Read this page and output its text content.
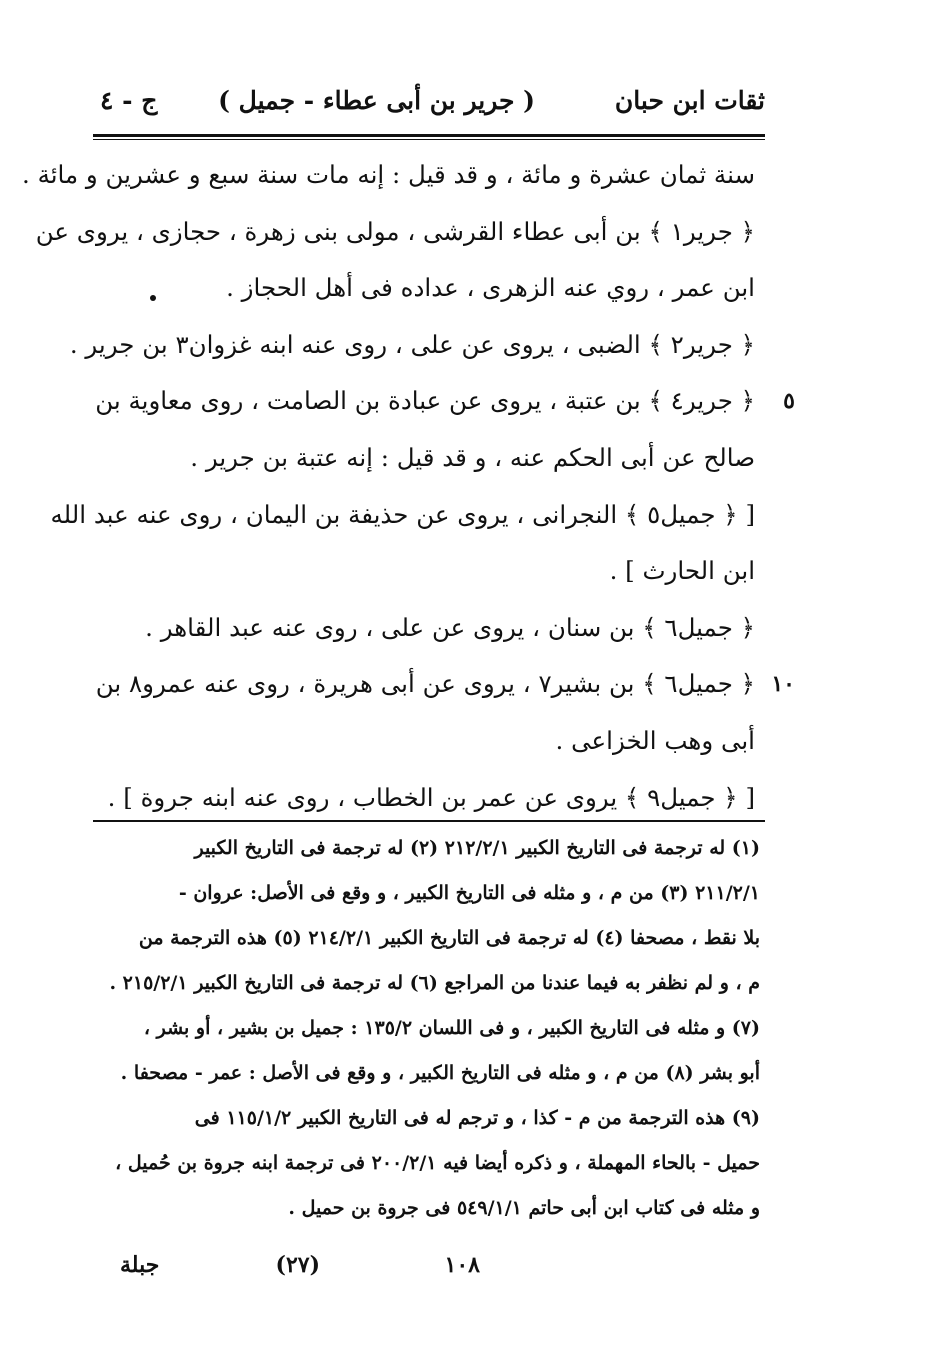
ثقات ابن حبان
( جرير بن أبى عطاء - جميل )
ج - ٤
سنة ثمان عشرة و مائة ، و قد قيل : إنه مات سنة سبع و عشرين و مائة .
﴿ جرير١ ﴾ بن أبى عطاء القرشى ، مولى بنى زهرة ، حجازى ، يروى عن
ابن عمر ، روي عنه الزهرى ، عداده فى أهل الحجاز .
﴿ جرير٢ ﴾ الضبى ، يروى عن على ، روى عنه ابنه غزوان٣ بن جرير .
٥
﴿ جرير٤ ﴾ بن عتبة ، يروى عن عبادة بن الصامت ، روى معاوية بن
صالح عن أبى الحكم عنه ، و قد قيل : إنه عتبة بن جرير .
[ ﴿ جميل٥ ﴾ النجرانى ، يروى عن حذيفة بن اليمان ، روى عنه عبد الله
ابن الحارث ] .
﴿ جميل٦ ﴾ بن سنان ، يروى عن على ، روى عنه عبد القاهر .
١٠
﴿ جميل٦ ﴾ بن بشير٧ ، يروى عن أبى هريرة ، روى عنه عمرو٨ بن
أبى وهب الخزاعى .
[ ﴿ جميل٩ ﴾ يروى عن عمر بن الخطاب ، روى عنه ابنه جروة ] .
(١) له ترجمة فى التاريخ الكبير ٢١٢/٢/١ (٢) له ترجمة فى التاريخ الكبير
٢١١/٢/١ (٣) من م ، و مثله فى التاريخ الكبير ، و وقع فى الأصل: عروان -
بلا نقط ، مصحفا (٤) له ترجمة فى التاريخ الكبير ٢١٤/٢/١ (٥) هذه الترجمة من
م ، و لم نظفر به فيما عندنا من المراجع (٦) له ترجمة فى التاريخ الكبير ٢١٥/٢/١ .
(٧) و مثله فى التاريخ الكبير ، و فى اللسان ١٣٥/٢ : جميل بن بشير ، أو بشر ،
أبو بشر (٨) من م ، و مثله فى التاريخ الكبير ، و وقع فى الأصل : عمر - مصحفا .
(٩) هذه الترجمة من م - كذا ، و ترجم له فى التاريخ الكبير ١١٥/١/٢ فى
حميل - بالحاء المهملة ، و ذكره أيضا فيه ٢٠٠/٢/١ فى ترجمة ابنه جروة بن حُميل ،
و مثله فى كتاب ابن أبى حاتم ٥٤٩/١/١ فى جروة بن حميل .
١٠٨
(٢٧)
جبلة
